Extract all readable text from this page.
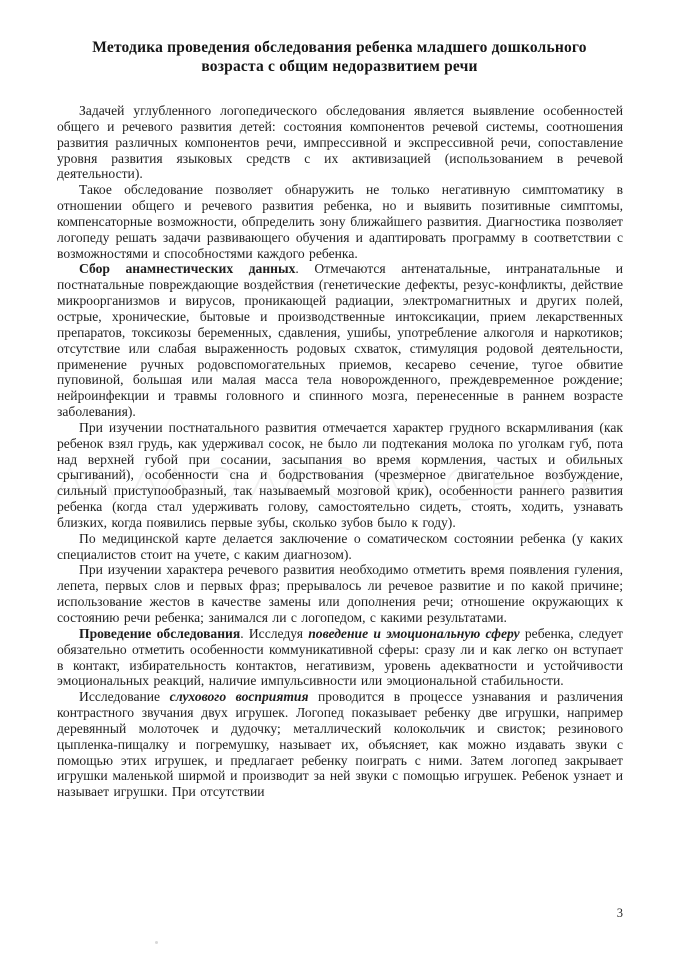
Методика проведения обследования ребенка младшего дошкольного возраста с общим недоразвитием речи

Задачей углубленного логопедического обследования является выявление особенностей общего и речевого развития детей: состояния компонентов речевой системы, соотношения развития различных компонентов речи, импрессивной и экспрессивной речи, сопоставление уровня развития языковых средств с их активизацией (использованием в речевой деятельности).

Такое обследование позволяет обнаружить не только негативную симптоматику в отношении общего и речевого развития ребенка, но и выявить позитивные симптомы, компенсаторные возможности, обпределить зону ближайшего развития. Диагностика позволяет логопеду решать задачи развивающего обучения и адаптировать программу в соответствии с возможностями и способностями каждого ребенка.

Сбор анамнестических данных. Отмечаются антенатальные, интранатальные и постнатальные повреждающие воздействия (генетические дефекты, резус-конфликты, действие микроорганизмов и вирусов, проникающей радиации, электромагнитных и других полей, острые, хронические, бытовые и производственные интоксикации, прием лекарственных препаратов, токсикозы беременных, сдавления, ушибы, употребление алкоголя и наркотиков; отсутствие или слабая выраженность родовых схваток, стимуляция родовой деятельности, применение ручных родовспомогательных приемов, кесарево сечение, тугое обвитие пуповиной, большая или малая масса тела новорожденного, преждевременное рождение; нейроинфекции и травмы головного и спинного мозга, перенесенные в раннем возрасте заболевания).

При изучении постнатального развития отмечается характер грудного вскармливания (как ребенок взял грудь, как удерживал сосок, не было ли подтекания молока по уголкам губ, пота над верхней губой при сосании, засыпания во время кормления, частых и обильных срыгиваний), особенности сна и бодрствования (чрезмерное двигательное возбуждение, сильный приступообразный, так называемый мозговой крик), особенности раннего развития ребенка (когда стал удерживать голову, самостоятельно сидеть, стоять, ходить, узнавать близких, когда появились первые зубы, сколько зубов было к году).

По медицинской карте делается заключение о соматическом состоянии ребенка (у каких специалистов стоит на учете, с каким диагнозом).

При изучении характера речевого развития необходимо отметить время появления гуления, лепета, первых слов и первых фраз; прерывалось ли речевое развитие и по какой причине; использование жестов в качестве замены или дополнения речи; отношение окружающих к состоянию речи ребенка; занимался ли с логопедом, с какими результатами.

Проведение обследования. Исследуя поведение и эмоциональную сферу ребенка, следует обязательно отметить особенности коммуникативной сферы: сразу ли и как легко он вступает в контакт, избирательность контактов, негативизм, уровень адекватности и устойчивости эмоциональных реакций, наличие импульсивности или эмоциональной стабильности.

Исследование слухового восприятия проводится в процессе узнавания и различения контрастного звучания двух игрушек. Логопед показывает ребенку две игрушки, например деревянный молоточек и дудочку; металлический колокольчик и свисток; резинового цыпленка-пищалку и погремушку, называет их, объясняет, как можно издавать звуки с помощью этих игрушек, и предлагает ребенку поиграть с ними. Затем логопед закрывает игрушки маленькой ширмой и производит за ней звуки с помощью игрушек. Ребенок узнает и называет игрушки. При отсутствии

3
